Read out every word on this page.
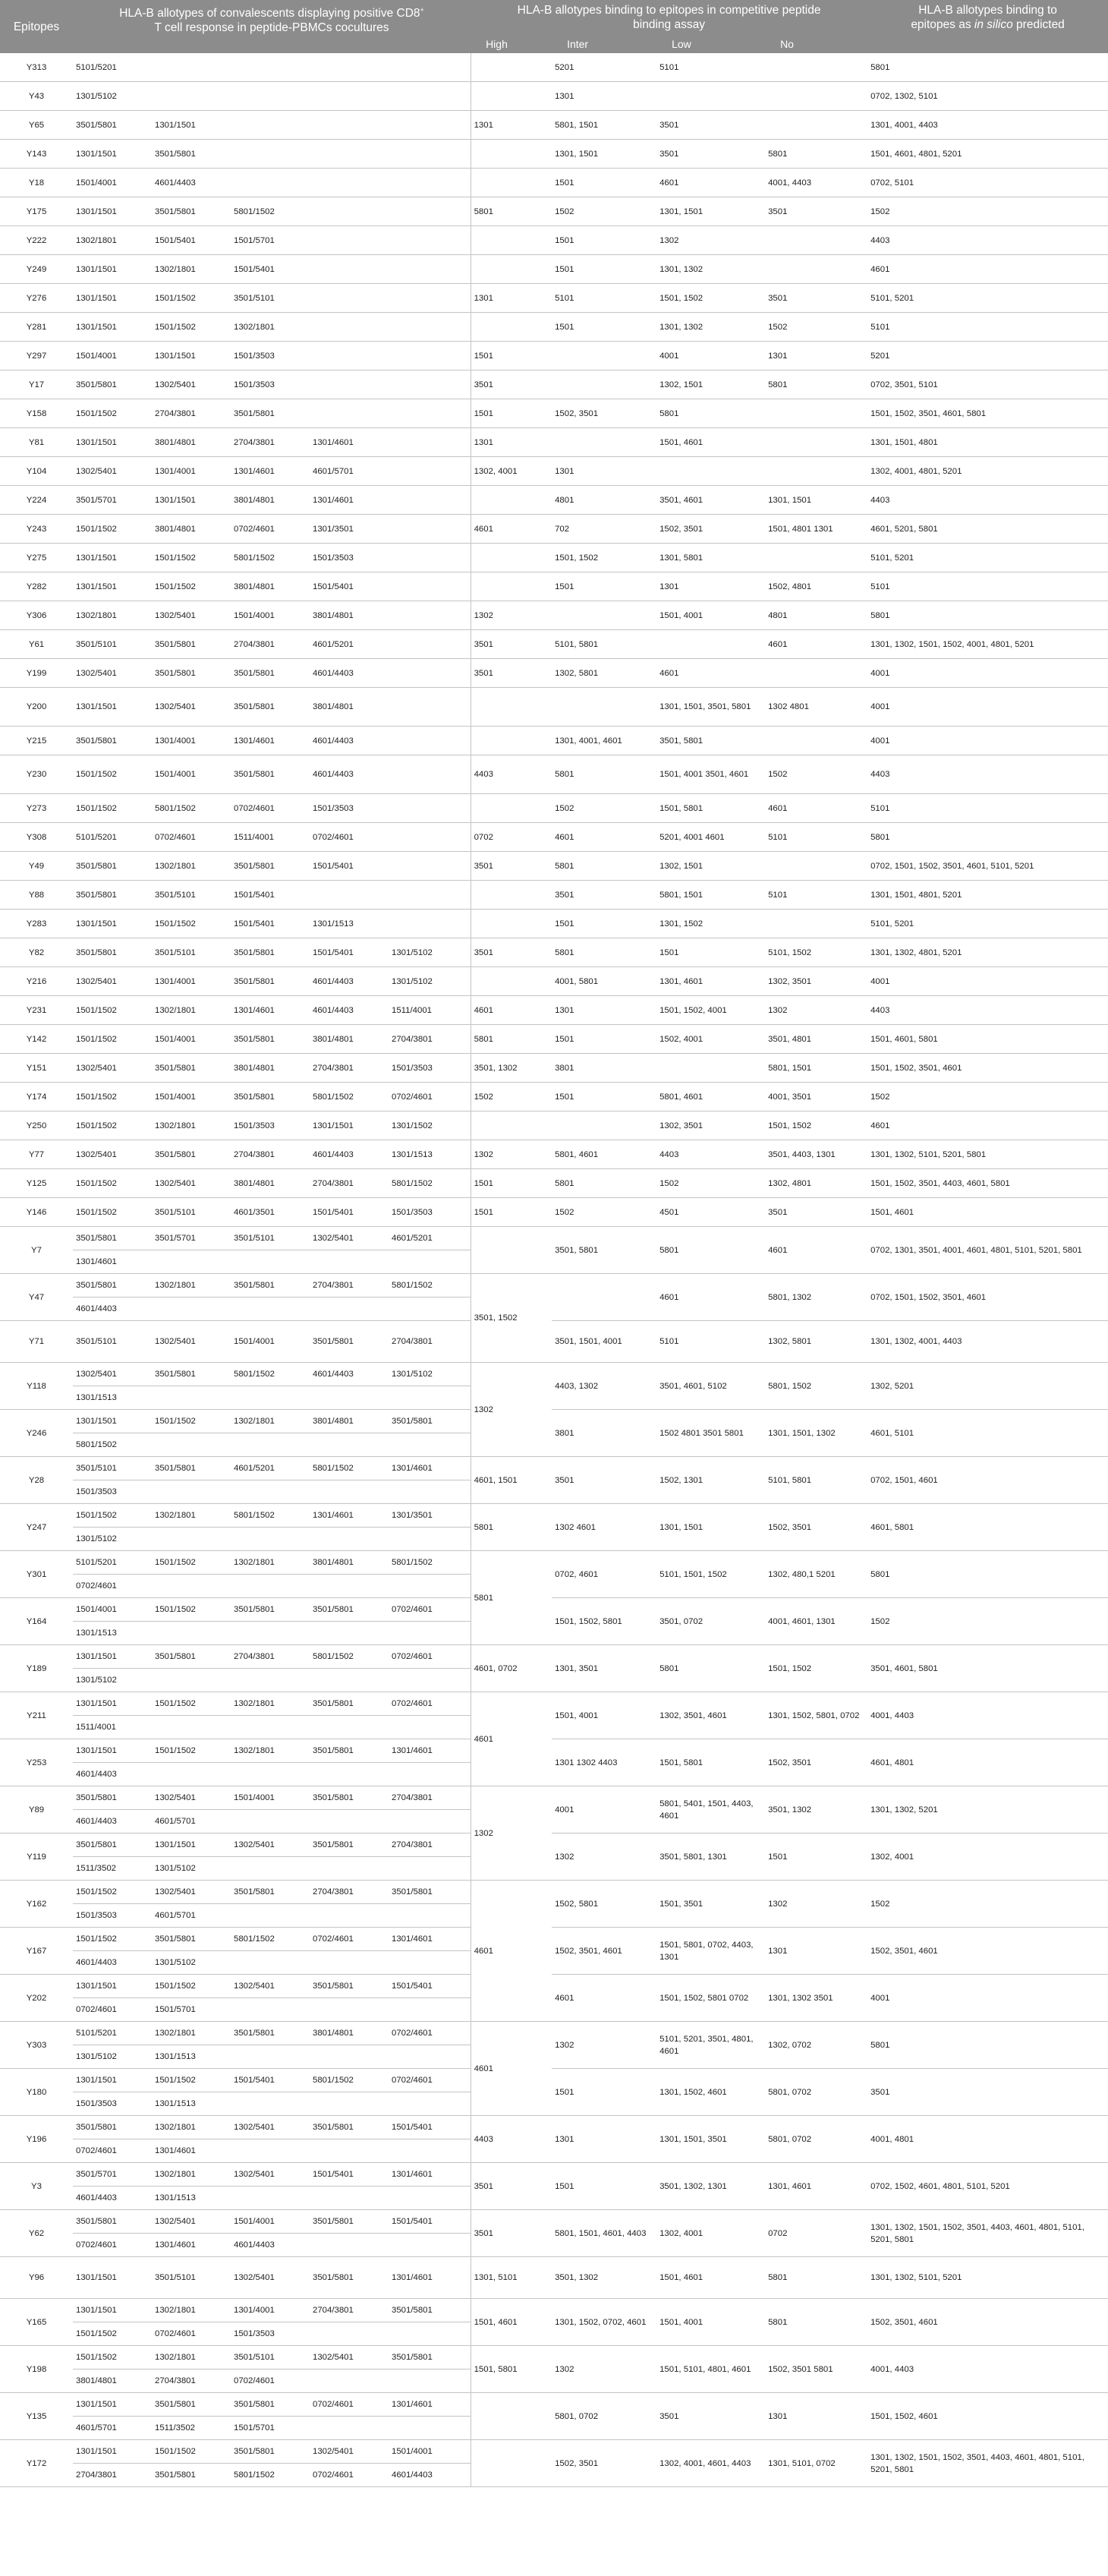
Epitopes	HLA-B allotypes of convalescents displaying positive CD8+
T cell response in peptide-PBMCs cocultures					HLA-B allotypes binding to epitopes in competitive peptide
binding assay				HLA-B allotypes binding to
epitopes as in silico predicted
						High	Inter	Low	No	
Y313	5101/5201						5201	5101		5801
Y43	1301/5102						1301			0702, 1302, 5101
Y65	3501/5801	1301/1501				1301	5801, 1501	3501		1301, 4001, 4403
Y143	1301/1501	3501/5801					1301, 1501	3501	5801	1501, 4601, 4801, 5201
Y18	1501/4001	4601/4403					1501	4601	4001, 4403	0702, 5101
Y175	1301/1501	3501/5801	5801/1502			5801	1502	1301, 1501	3501	1502
Y222	1302/1801	1501/5401	1501/5701				1501	1302		4403
Y249	1301/1501	1302/1801	1501/5401				1501	1301, 1302		4601
Y276	1301/1501	1501/1502	3501/5101			1301	5101	1501, 1502	3501	5101, 5201
Y281	1301/1501	1501/1502	1302/1801				1501	1301, 1302	1502	5101
Y297	1501/4001	1301/1501	1501/3503			1501		4001	1301	5201
Y17	3501/5801	1302/5401	1501/3503			3501		1302, 1501	5801	0702, 3501, 5101
Y158	1501/1502	2704/3801	3501/5801			1501	1502, 3501	5801		1501, 1502, 3501, 4601, 5801
Y81	1301/1501	3801/4801	2704/3801	1301/4601		1301		1501, 4601		1301, 1501, 4801
Y104	1302/5401	1301/4001	1301/4601	4601/5701		1302, 4001	1301			1302, 4001, 4801, 5201
Y224	3501/5701	1301/1501	3801/4801	1301/4601			4801	3501, 4601	1301, 1501	4403
Y243	1501/1502	3801/4801	0702/4601	1301/3501		4601	702	1502, 3501	1501, 4801 1301	4601, 5201, 5801
Y275	1301/1501	1501/1502	5801/1502	1501/3503			1501, 1502	1301, 5801		5101, 5201
Y282	1301/1501	1501/1502	3801/4801	1501/5401			1501	1301	1502, 4801	5101
Y306	1302/1801	1302/5401	1501/4001	3801/4801		1302		1501, 4001	4801	5801
Y61	3501/5101	3501/5801	2704/3801	4601/5201		3501	5101, 5801		4601	1301, 1302, 1501, 1502, 4001, 4801, 5201
Y199	1302/5401	3501/5801	3501/5801	4601/4403		3501	1302, 5801	4601		4001
Y200	1301/1501	1302/5401	3501/5801	3801/4801				1301, 1501, 3501, 5801	1302 4801	4001
Y215	3501/5801	1301/4001	1301/4601	4601/4403			1301, 4001, 4601	3501, 5801		4001
Y230	1501/1502	1501/4001	3501/5801	4601/4403		4403	5801	1501, 4001 3501, 4601	1502	4403
Y273	1501/1502	5801/1502	0702/4601	1501/3503			1502	1501, 5801	4601	5101
Y308	5101/5201	0702/4601	1511/4001	0702/4601		0702	4601	5201, 4001 4601	5101	5801
Y49	3501/5801	1302/1801	3501/5801	1501/5401		3501	5801	1302, 1501		0702, 1501, 1502, 3501, 4601, 5101, 5201
Y88	3501/5801	3501/5101	1501/5401				3501	5801, 1501	5101	1301, 1501, 4801, 5201
Y283	1301/1501	1501/1502	1501/5401	1301/1513			1501	1301, 1502		5101, 5201
Y82	3501/5801	3501/5101	3501/5801	1501/5401	1301/5102	3501	5801	1501	5101, 1502	1301, 1302, 4801, 5201
Y216	1302/5401	1301/4001	3501/5801	4601/4403	1301/5102		4001, 5801	1301, 4601	1302, 3501	4001
Y231	1501/1502	1302/1801	1301/4601	4601/4403	1511/4001	4601	1301	1501, 1502, 4001	1302	4403
Y142	1501/1502	1501/4001	3501/5801	3801/4801	2704/3801	5801	1501	1502, 4001	3501, 4801	1501, 4601, 5801
Y151	1302/5401	3501/5801	3801/4801	2704/3801	1501/3503	3501, 1302	3801		5801, 1501	1501, 1502, 3501, 4601
Y174	1501/1502	1501/4001	3501/5801	5801/1502	0702/4601	1502	1501	5801, 4601	4001, 3501	1502
Y250	1501/1502	1302/1801	1501/3503	1301/1501	1301/1502			1302, 3501	1501, 1502	4601
Y77	1302/5401	3501/5801	2704/3801	4601/4403	1301/1513	1302	5801, 4601	4403	3501, 4403, 1301	1301, 1302, 5101, 5201, 5801
Y125	1501/1502	1302/5401	3801/4801	2704/3801	5801/1502	1501	5801	1502	1302, 4801	1501, 1502, 3501, 4403, 4601, 5801
Y146	1501/1502	3501/5101	4601/3501	1501/5401	1501/3503	1501	1502	4501	3501	1501, 4601
Y7	3501/5801	3501/5701	3501/5101	1302/5401	4601/5201		3501, 5801	5801	4601	0702, 1301, 3501, 4001, 4601, 4801, 5101, 5201, 5801
	1301/4601									
Y47	3501/5801	1302/1801	3501/5801	2704/3801	5801/1502	3501, 1502		4601	5801, 1302	0702, 1501, 1502, 3501, 4601
	4601/4403									
Y71	3501/5101	1302/5401	1501/4001	3501/5801	2704/3801		3501, 1501, 4001	5101	1302, 5801	1301, 1302, 4001, 4403
Y118	1302/5401	3501/5801	5801/1502	4601/4403	1301/5102	1302	4403, 1302	3501, 4601, 5102	5801, 1502	1302, 5201
	1301/1513									
Y246	1301/1501	1501/1502	1302/1801	3801/4801	3501/5801		3801	1502 4801 3501 5801	1301, 1501, 1302	4601, 5101
	5801/1502									
Y28	3501/5101	3501/5801	4601/5201	5801/1502	1301/4601	4601, 1501	3501	1502, 1301	5101, 5801	0702, 1501, 4601
	1501/3503									
Y247	1501/1502	1302/1801	5801/1502	1301/4601	1301/3501	5801	1302 4601	1301, 1501	1502, 3501	4601, 5801
	1301/5102									
Y301	5101/5201	1501/1502	1302/1801	3801/4801	5801/1502	5801	0702, 4601	5101, 1501, 1502	1302, 480,1 5201	5801
	0702/4601									
Y164	1501/4001	1501/1502	3501/5801	3501/5801	0702/4601		1501, 1502, 5801	3501, 0702	4001, 4601, 1301	1502
	1301/1513									
Y189	1301/1501	3501/5801	2704/3801	5801/1502	0702/4601	4601, 0702	1301, 3501	5801	1501, 1502	3501, 4601, 5801
	1301/5102									
Y211	1301/1501	1501/1502	1302/1801	3501/5801	0702/4601	4601	1501, 4001	1302, 3501, 4601	1301, 1502, 5801, 0702	4001, 4403
	1511/4001									
Y253	1301/1501	1501/1502	1302/1801	3501/5801	1301/4601		1301 1302 4403	1501, 5801	1502, 3501	4601, 4801
	4601/4403									
Y89	3501/5801	1302/5401	1501/4001	3501/5801	2704/3801	1302	4001	5801, 5401, 1501, 4403, 4601	3501, 1302	1301, 1302, 5201
	4601/4403	4601/5701								
Y119	3501/5801	1301/1501	1302/5401	3501/5801	2704/3801		1302	3501, 5801, 1301	1501	1302, 4001
	1511/3502	1301/5102								
Y162	1501/1502	1302/5401	3501/5801	2704/3801	3501/5801	4601	1502, 5801	1501, 3501	1302	1502
	1501/3503	4601/5701								
Y167	1501/1502	3501/5801	5801/1502	0702/4601	1301/4601		1502, 3501, 4601	1501, 5801, 0702, 4403, 1301	1301	1502, 3501, 4601
	4601/4403	1301/5102								
Y202	1301/1501	1501/1502	1302/5401	3501/5801	1501/5401		4601	1501, 1502, 5801 0702	1301, 1302 3501	4001
	0702/4601	1501/5701								
Y303	5101/5201	1302/1801	3501/5801	3801/4801	0702/4601	4601	1302	5101, 5201, 3501, 4801, 4601	1302, 0702	5801
	1301/5102	1301/1513								
Y180	1301/1501	1501/1502	1501/5401	5801/1502	0702/4601		1501	1301, 1502, 4601	5801, 0702	3501
	1501/3503	1301/1513								
Y196	3501/5801	1302/1801	1302/5401	3501/5801	1501/5401	4403	1301	1301, 1501, 3501	5801, 0702	4001, 4801
	0702/4601	1301/4601								
Y3	3501/5701	1302/1801	1302/5401	1501/5401	1301/4601	3501	1501	3501, 1302, 1301	1301, 4601	0702, 1502, 4601, 4801, 5101, 5201
	4601/4403	1301/1513								
Y62	3501/5801	1302/5401	1501/4001	3501/5801	1501/5401	3501	5801, 1501, 4601, 4403	1302, 4001	0702	1301, 1302, 1501, 1502, 3501, 4403, 4601, 4801, 5101, 5201, 5801
	0702/4601	1301/4601	4601/4403							
Y96	1301/1501	3501/5101	1302/5401	3501/5801	1301/4601	1301, 5101	3501, 1302	1501, 4601	5801	1301, 1302, 5101, 5201
Y165	1301/1501	1302/1801	1301/4001	2704/3801	3501/5801	1501, 4601	1301, 1502, 0702, 4601	1501, 4001	5801	1502, 3501, 4601
	1501/1502	0702/4601	1501/3503							
Y198	1501/1502	1302/1801	3501/5101	1302/5401	3501/5801	1501, 5801	1302	1501, 5101, 4801, 4601	1502, 3501 5801	4001, 4403
	3801/4801	2704/3801	0702/4601							
Y135	1301/1501	3501/5801	3501/5801	0702/4601	1301/4601		5801, 0702	3501	1301	1501, 1502, 4601
	4601/5701	1511/3502	1501/5701							
Y172	1301/1501	1501/1502	3501/5801	1302/5401	1501/4001		1502, 3501	1302, 4001, 4601, 4403	1301, 5101, 0702	1301, 1302, 1501, 1502, 3501, 4403, 4601, 4801, 5101, 5201, 5801
	2704/3801	3501/5801	5801/1502	0702/4601	4601/4403					
